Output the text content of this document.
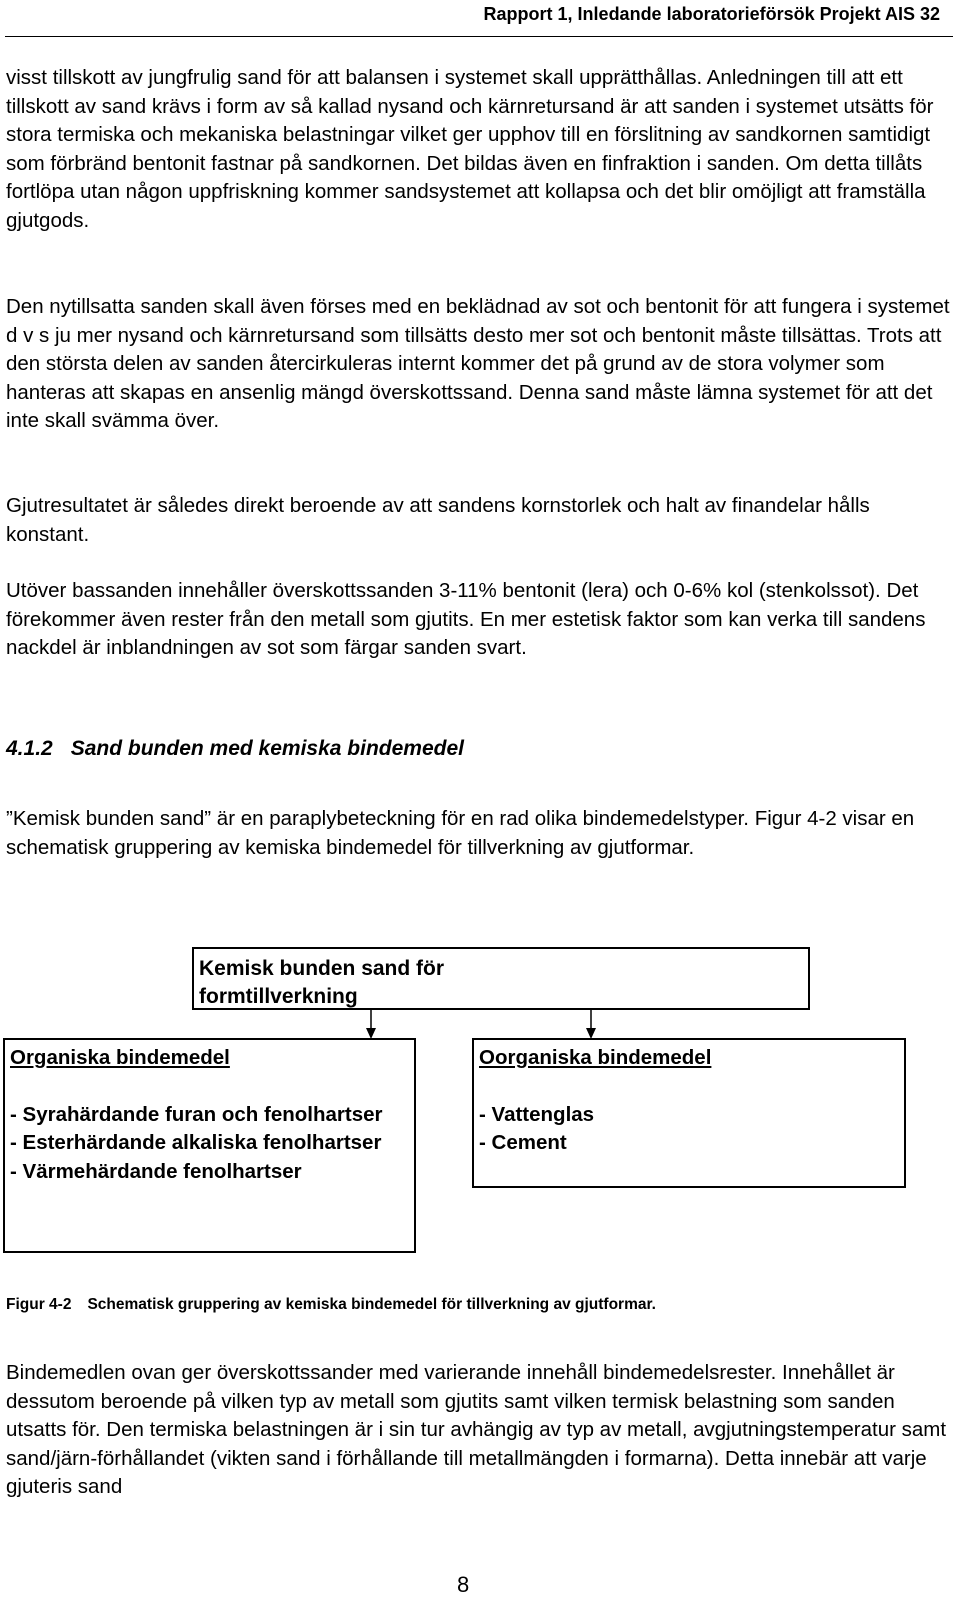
Rapport 1, Inledande laboratorieförsök Projekt AIS 32

visst tillskott av jungfrulig sand för att balansen i systemet skall upprätthållas. Anledningen till att ett tillskott av sand krävs i form av så kallad nysand och kärnretursand är att sanden i systemet utsätts för stora termiska och mekaniska belastningar vilket ger upphov till en förslitning av sandkornen samtidigt som förbränd bentonit fastnar på sandkornen. Det bildas även en finfraktion i sanden. Om detta tillåts fortlöpa utan någon uppfriskning kommer sandsystemet att kollapsa och det blir omöjligt att framställa gjutgods.

Den nytillsatta sanden skall även förses med en beklädnad av sot och bentonit för att fungera i systemet d v s ju mer nysand och kärnretursand som tillsätts desto mer sot och bentonit måste tillsättas. Trots att den största delen av sanden återcirkuleras internt kommer det på grund av de stora volymer som hanteras att skapas en ansenlig mängd överskottssand. Denna sand måste lämna systemet för att det inte skall svämma över.

Gjutresultatet är således direkt beroende av att sandens kornstorlek och halt av finandelar hålls konstant.

Utöver bassanden innehåller överskottssanden 3-11% bentonit (lera) och 0-6% kol (stenkolssot). Det förekommer även rester från den metall som gjutits. En mer estetisk faktor som kan verka till sandens nackdel är inblandningen av sot som färgar sanden svart.

4.1.2 Sand bunden med kemiska bindemedel

”Kemisk bunden sand” är en paraplybeteckning för en rad olika bindemedelstyper. Figur 4-2 visar en schematisk gruppering av kemiska bindemedel för tillverkning av gjutformar.

Kemisk bunden sand för formtillverkning
Organiska bindemedel
- Syrahärdande furan och fenolhartser
- Esterhärdande alkaliska fenolhartser
- Värmehärdande fenolhartser
Oorganiska bindemedel
- Vattenglas
- Cement
Figur 4-2 Schematisk gruppering av kemiska bindemedel för tillverkning av gjutformar.

Bindemedlen ovan ger överskottssander med varierande innehåll bindemedelsrester. Innehållet är dessutom beroende på vilken typ av metall som gjutits samt vilken termisk belastning som sanden utsatts för. Den termiska belastningen är i sin tur avhängig av typ av metall, avgjutningstemperatur samt sand/järn-förhållandet (vikten sand i förhållande till metallmängden i formarna). Detta innebär att varje gjuteris sand

8
